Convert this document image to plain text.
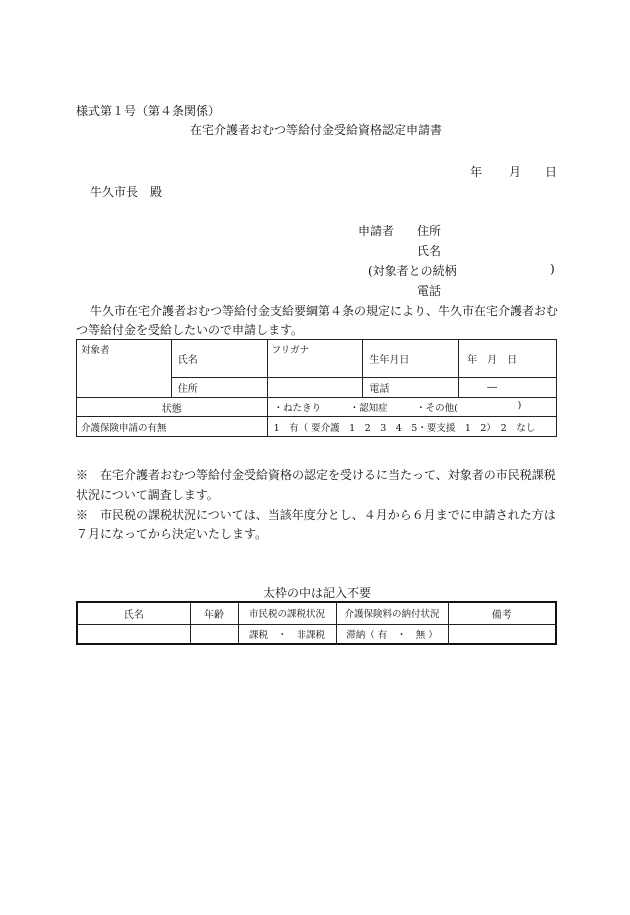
様式第１号（第４条関係）
在宅介護者おむつ等給付金受給資格認定申請書
年 月 日
牛久市長　殿
申請者 住所
氏名
(対象者との続柄	)
電話
牛久市在宅介護者おむつ等給付金支給要綱第４条の規定により、牛久市在宅介護者おむ
つ等給付金を受給したいので申請します。
対象者	氏名	フリガナ	生年月日	年　月　日
	住所		電話	―
状態		・ねたきり　　　・認知症　　　・その他( )		

介護保険申請の有無		1　有（ 要介護　1　2　3　4　5・要支援　1　2）　2　なし		
※　在宅介護者おむつ等給付金受給資格の認定を受けるに当たって、対象者の市民税課税
状況について調査します。
※　市民税の課税状況については、当該年度分とし、４月から６月までに申請された方は
７月になってから決定いたします。
太枠の中は記入不要
氏名	年齢	市民税の課税状況	介護保険料の納付状況	備考
		課税　・　非課税	滞納（ 有　・　無 ）	
